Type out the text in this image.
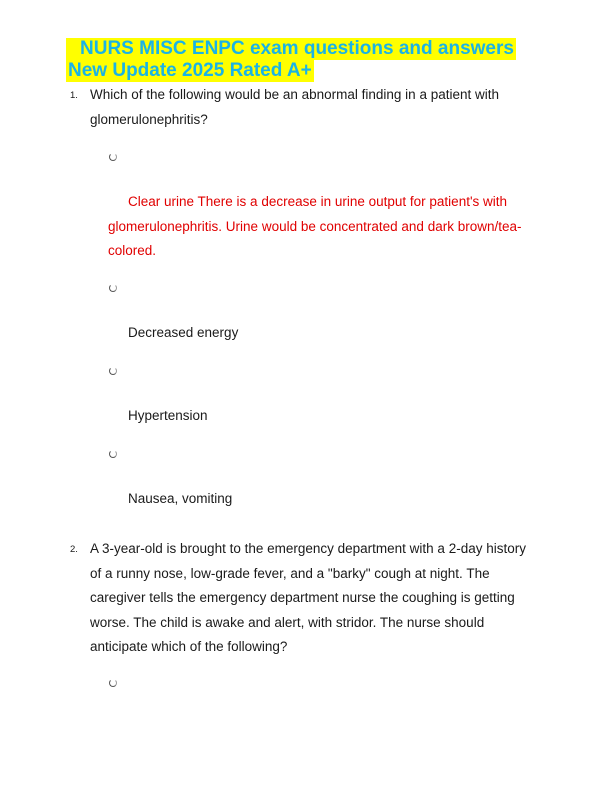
NURS MISC ENPC exam questions and answers
New Update 2025 Rated A+
1. Which of the following would be an abnormal finding in a patient with glomerulonephritis?
Clear urine There is a decrease in urine output for patient's with glomerulonephritis. Urine would be concentrated and dark brown/tea-colored.
Decreased energy
Hypertension
Nausea, vomiting
2. A 3-year-old is brought to the emergency department with a 2-day history of a runny nose, low-grade fever, and a "barky" cough at night. The caregiver tells the emergency department nurse the coughing is getting worse. The child is awake and alert, with stridor. The nurse should anticipate which of the following?
